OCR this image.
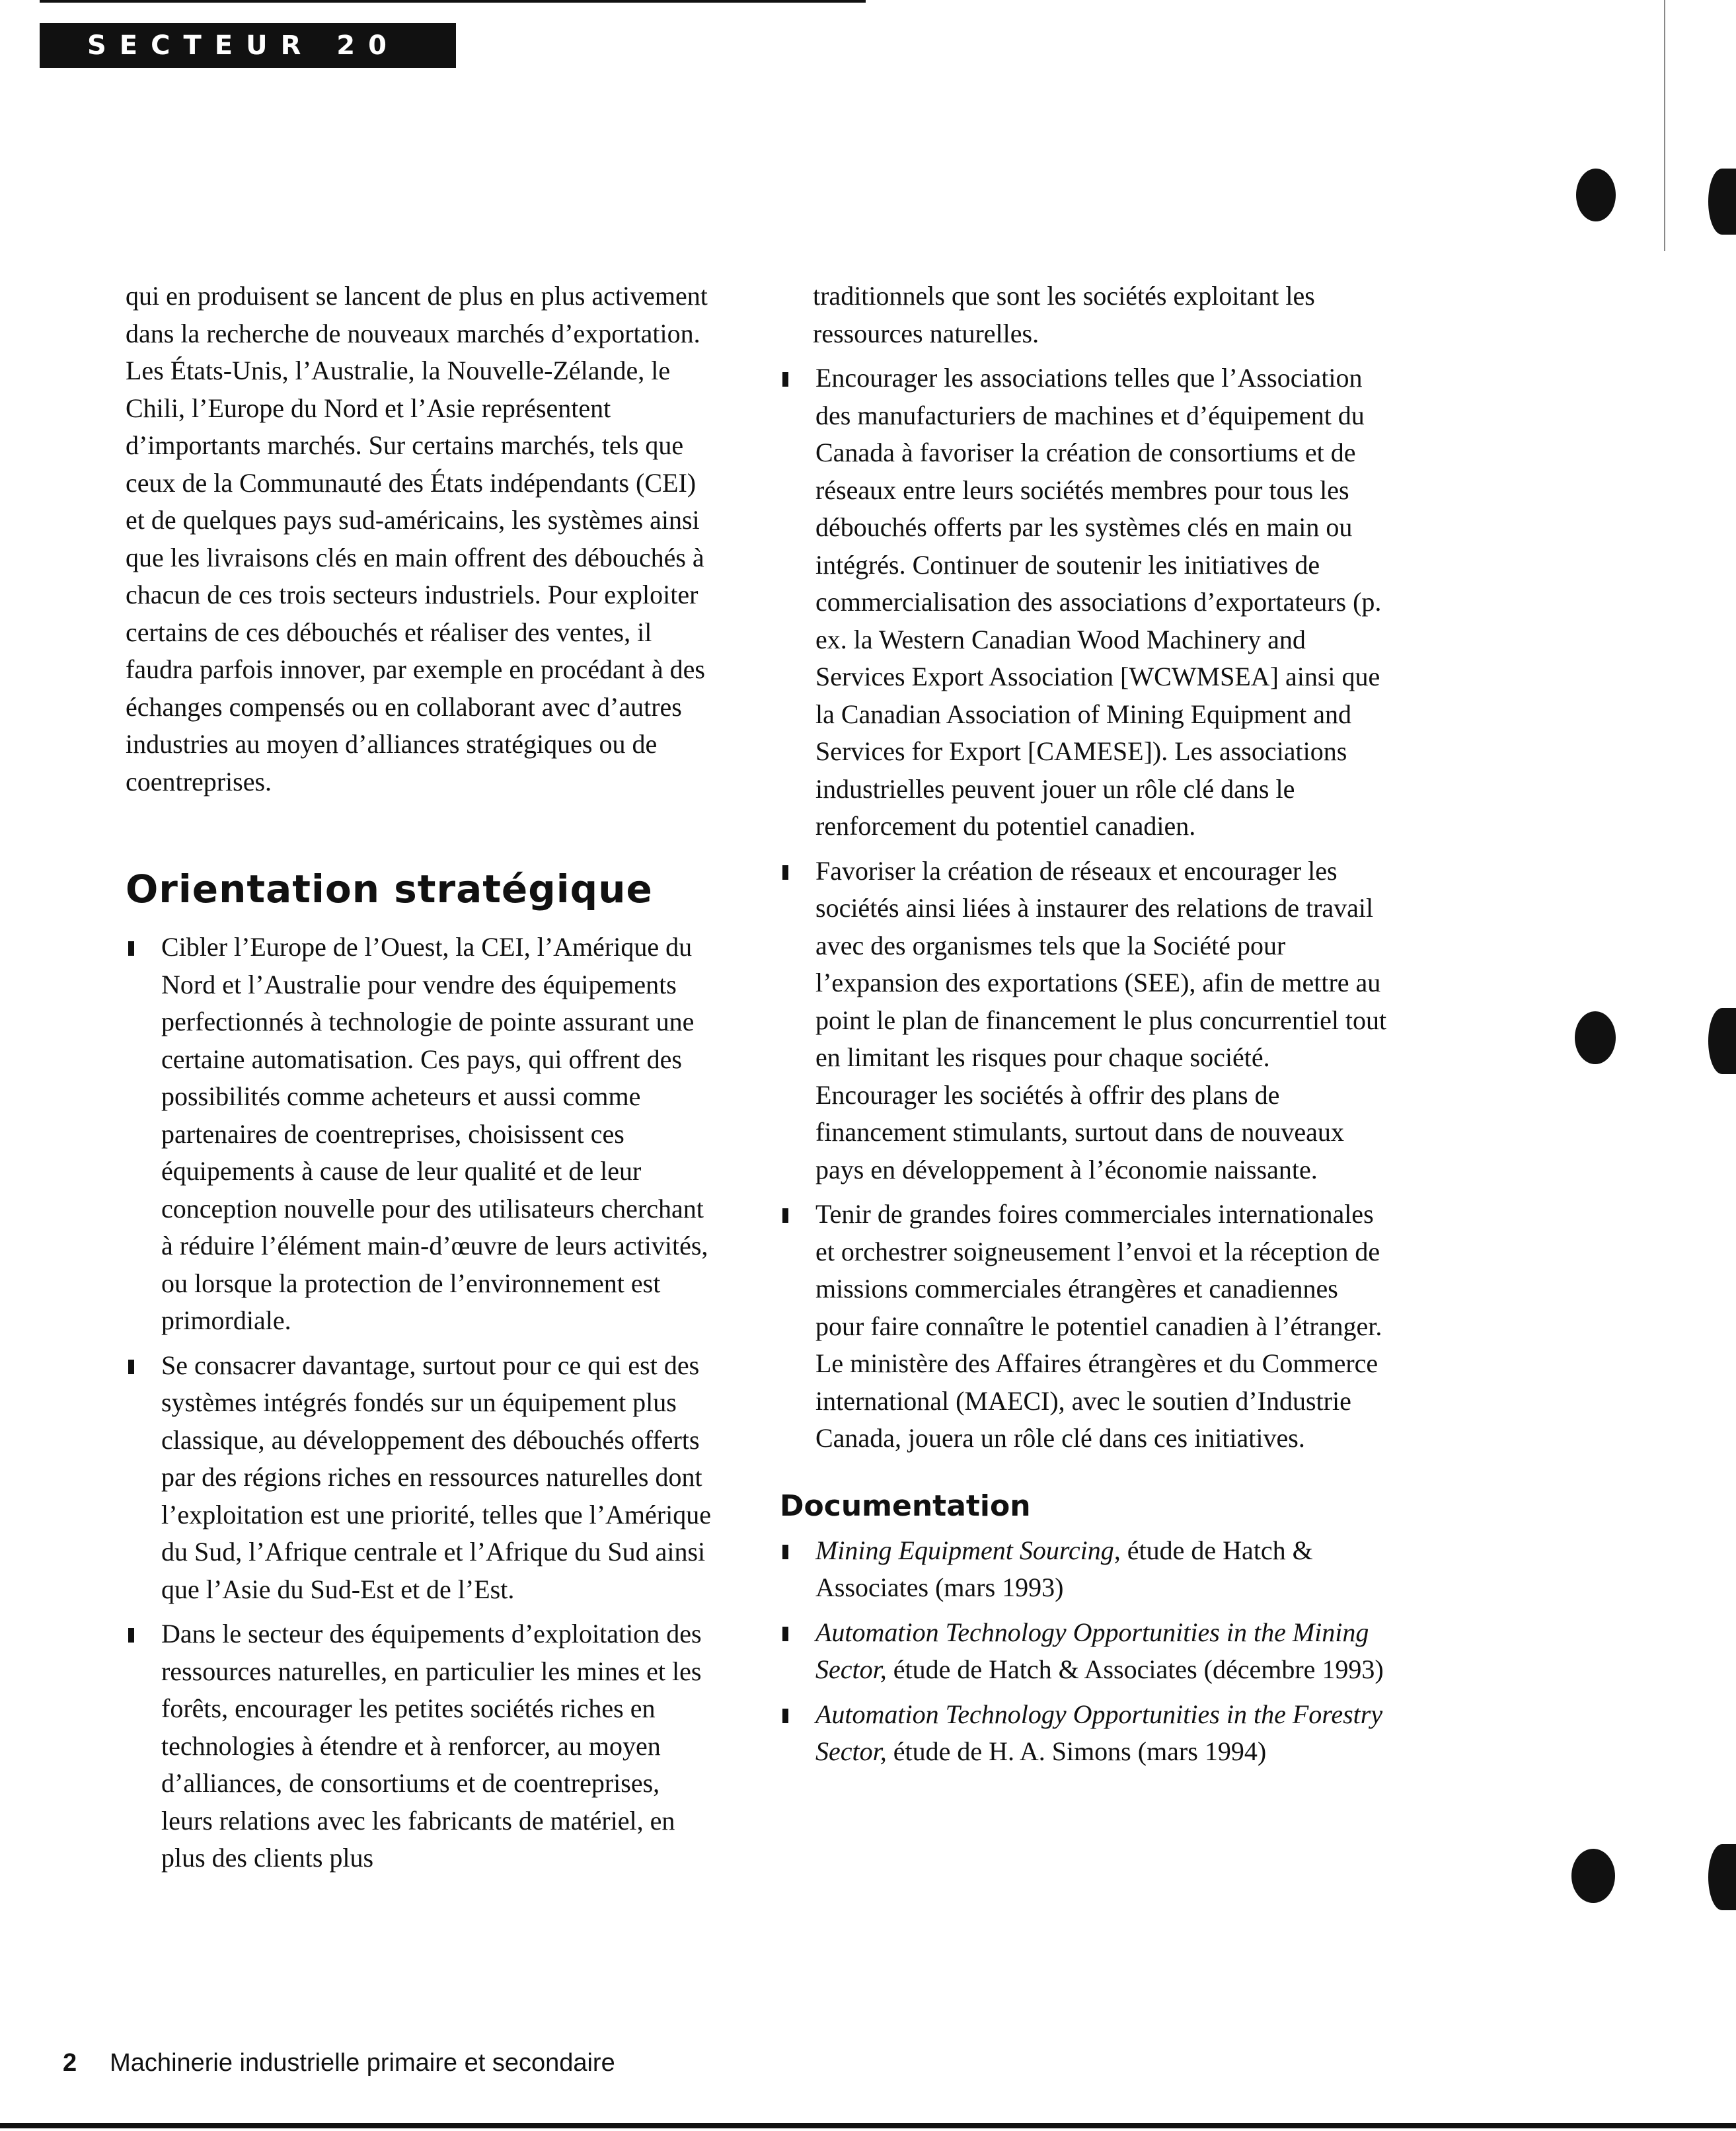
SECTEUR 20

qui en produisent se lancent de plus en plus activement dans la recherche de nouveaux marchés d’exportation. Les États-Unis, l’Australie, la Nouvelle-Zélande, le Chili, l’Europe du Nord et l’Asie représentent d’importants marchés. Sur certains marchés, tels que ceux de la Communauté des États indépendants (CEI) et de quelques pays sud-américains, les systèmes ainsi que les livraisons clés en main offrent des débouchés à chacun de ces trois secteurs industriels. Pour exploiter certains de ces débouchés et réaliser des ventes, il faudra parfois innover, par exemple en procédant à des échanges compensés ou en collaborant avec d’autres industries au moyen d’alliances stratégiques ou de coentreprises.

Orientation stratégique
Cibler l’Europe de l’Ouest, la CEI, l’Amérique du Nord et l’Australie pour vendre des équipements perfectionnés à technologie de pointe assurant une certaine automatisation. Ces pays, qui offrent des possibilités comme acheteurs et aussi comme partenaires de coentreprises, choisissent ces équipements à cause de leur qualité et de leur conception nouvelle pour des utilisateurs cherchant à réduire l’élément main-d’œuvre de leurs activités, ou lorsque la protection de l’environnement est primordiale.
Se consacrer davantage, surtout pour ce qui est des systèmes intégrés fondés sur un équipement plus classique, au développement des débouchés offerts par des régions riches en ressources naturelles dont l’exploitation est une priorité, telles que l’Amérique du Sud, l’Afrique centrale et l’Afrique du Sud ainsi que l’Asie du Sud-Est et de l’Est.
Dans le secteur des équipements d’exploitation des ressources naturelles, en particulier les mines et les forêts, encourager les petites sociétés riches en technologies à étendre et à renforcer, au moyen d’alliances, de consortiums et de coentreprises, leurs relations avec les fabricants de matériel, en plus des clients plus

traditionnels que sont les sociétés exploitant les ressources naturelles.

Encourager les associations telles que l’Association des manufacturiers de machines et d’équipement du Canada à favoriser la création de consortiums et de réseaux entre leurs sociétés membres pour tous les débouchés offerts par les systèmes clés en main ou intégrés. Continuer de soutenir les initiatives de commercialisation des associations d’exportateurs (p. ex. la Western Canadian Wood Machinery and Services Export Association [WCWMSEA] ainsi que la Canadian Association of Mining Equipment and Services for Export [CAMESE]). Les associations industrielles peuvent jouer un rôle clé dans le renforcement du potentiel canadien.
Favoriser la création de réseaux et encourager les sociétés ainsi liées à instaurer des relations de travail avec des organismes tels que la Société pour l’expansion des exportations (SEE), afin de mettre au point le plan de financement le plus concurrentiel tout en limitant les risques pour chaque société. Encourager les sociétés à offrir des plans de financement stimulants, surtout dans de nouveaux pays en développement à l’économie naissante.
Tenir de grandes foires commerciales internationales et orchestrer soigneusement l’envoi et la réception de missions commerciales étrangères et canadiennes pour faire connaître le potentiel canadien à l’étranger. Le ministère des Affaires étrangères et du Commerce international (MAECI), avec le soutien d’Industrie Canada, jouera un rôle clé dans ces initiatives.
Documentation
Mining Equipment Sourcing, étude de Hatch & Associates (mars 1993)
Automation Technology Opportunities in the Mining Sector, étude de Hatch & Associates (décembre 1993)
Automation Technology Opportunities in the Forestry Sector, étude de H. A. Simons (mars 1994)
2 Machinerie industrielle primaire et secondaire
